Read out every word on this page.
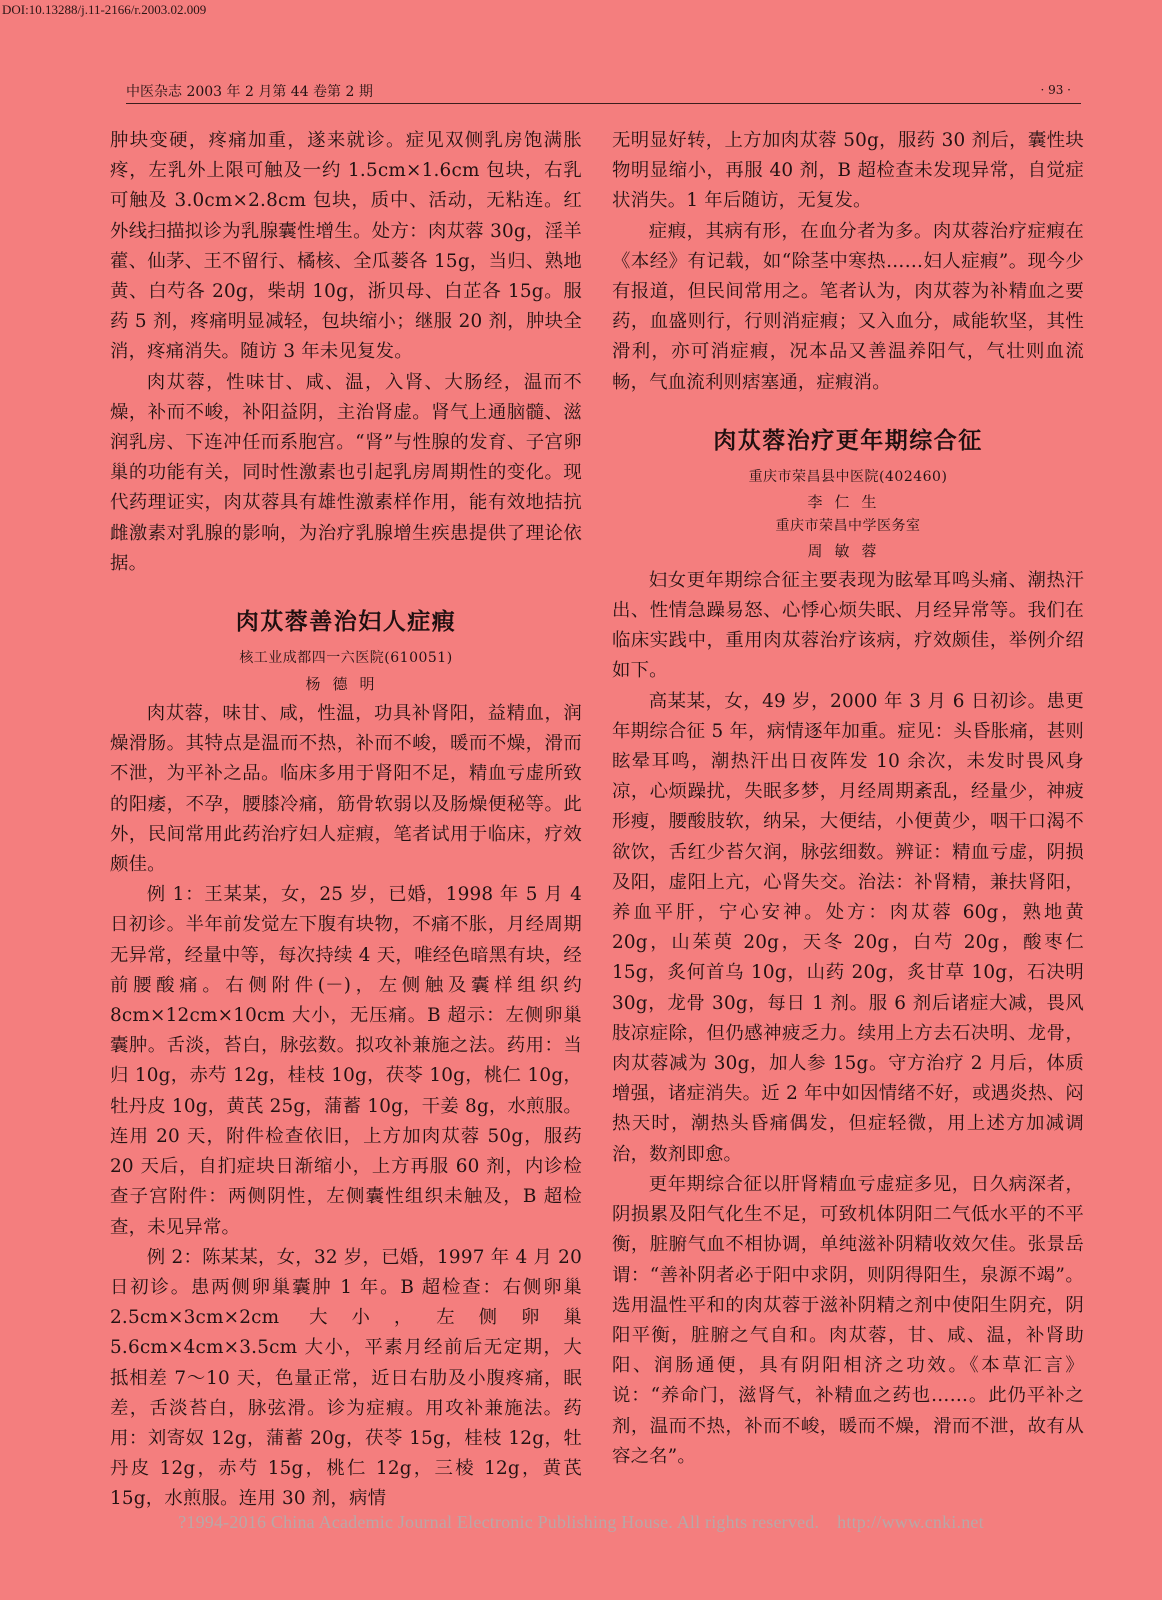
DOI:10.13288/j.11-2166/r.2003.02.009
中医杂志 2003 年 2 月第 44 卷第 2 期	· 93 ·

肿块变硬，疼痛加重，遂来就诊。症见双侧乳房饱满胀疼，左乳外上限可触及一约 1.5cm×1.6cm 包块，右乳可触及 3.0cm×2.8cm 包块，质中、活动，无粘连。红外线扫描拟诊为乳腺囊性增生。处方：肉苁蓉 30g，淫羊藿、仙茅、王不留行、橘核、全瓜蒌各 15g，当归、熟地黄、白芍各 20g，柴胡 10g，浙贝母、白芷各 15g。服药 5 剂，疼痛明显减轻，包块缩小；继服 20 剂，肿块全消，疼痛消失。随访 3 年未见复发。

肉苁蓉，性味甘、咸、温，入肾、大肠经，温而不燥，补而不峻，补阳益阴，主治肾虚。肾气上通脑髓、滋润乳房、下连冲任而系胞宫。“肾”与性腺的发育、子宫卵巢的功能有关，同时性激素也引起乳房周期性的变化。现代药理证实，肉苁蓉具有雄性激素样作用，能有效地拮抗雌激素对乳腺的影响，为治疗乳腺增生疾患提供了理论依据。

肉苁蓉善治妇人症瘕
核工业成都四一六医院(610051)
杨德明

肉苁蓉，味甘、咸，性温，功具补肾阳，益精血，润燥滑肠。其特点是温而不热，补而不峻，暖而不燥，滑而不泄，为平补之品。临床多用于肾阳不足，精血亏虚所致的阳痿，不孕，腰膝冷痛，筋骨软弱以及肠燥便秘等。此外，民间常用此药治疗妇人症瘕，笔者试用于临床，疗效颇佳。

例 1：王某某，女，25 岁，已婚，1998 年 5 月 4 日初诊。半年前发觉左下腹有块物，不痛不胀，月经周期无异常，经量中等，每次持续 4 天，唯经色暗黑有块，经前腰酸痛。右侧附件(－)，左侧触及囊样组织约 8cm×12cm×10cm 大小，无压痛。B 超示：左侧卵巢囊肿。舌淡，苔白，脉弦数。拟攻补兼施之法。药用：当归 10g，赤芍 12g，桂枝 10g，茯苓 10g，桃仁 10g，牡丹皮 10g，黄芪 25g，蒲蓄 10g，干姜 8g，水煎服。连用 20 天，附件检查依旧，上方加肉苁蓉 50g，服药 20 天后，自扪症块日渐缩小，上方再服 60 剂，内诊检查子宫附件：两侧阴性，左侧囊性组织未触及，B 超检查，未见异常。

例 2：陈某某，女，32 岁，已婚，1997 年 4 月 20 日初诊。患两侧卵巢囊肿 1 年。B 超检查：右侧卵巢 2.5cm×3cm×2cm 大小，左侧卵巢 5.6cm×4cm×3.5cm 大小，平素月经前后无定期，大抵相差 7～10 天，色量正常，近日右肋及小腹疼痛，眠差，舌淡苔白，脉弦滑。诊为症瘕。用攻补兼施法。药用：刘寄奴 12g，蒲蓄 20g，茯苓 15g，桂枝 12g，牡丹皮 12g，赤芍 15g，桃仁 12g，三棱 12g，黄芪 15g，水煎服。连用 30 剂，病情

无明显好转，上方加肉苁蓉 50g，服药 30 剂后，囊性块物明显缩小，再服 40 剂，B 超检查未发现异常，自觉症状消失。1 年后随访，无复发。

症瘕，其病有形，在血分者为多。肉苁蓉治疗症瘕在《本经》有记载，如“除茎中寒热……妇人症瘕”。现今少有报道，但民间常用之。笔者认为，肉苁蓉为补精血之要药，血盛则行，行则消症瘕；又入血分，咸能软坚，其性滑利，亦可消症瘕，况本品又善温养阳气，气壮则血流畅，气血流利则痞塞通，症瘕消。

肉苁蓉治疗更年期综合征
重庆市荣昌县中医院(402460)
李仁生
重庆市荣昌中学医务室
周敏蓉

妇女更年期综合征主要表现为眩晕耳鸣头痛、潮热汗出、性情急躁易怒、心悸心烦失眠、月经异常等。我们在临床实践中，重用肉苁蓉治疗该病，疗效颇佳，举例介绍如下。

高某某，女，49 岁，2000 年 3 月 6 日初诊。患更年期综合征 5 年，病情逐年加重。症见：头昏胀痛，甚则眩晕耳鸣，潮热汗出日夜阵发 10 余次，未发时畏风身凉，心烦躁扰，失眠多梦，月经周期紊乱，经量少，神疲形瘦，腰酸肢软，纳呆，大便结，小便黄少，咽干口渴不欲饮，舌红少苔欠润，脉弦细数。辨证：精血亏虚，阴损及阳，虚阳上亢，心肾失交。治法：补肾精，兼扶肾阳，养血平肝，宁心安神。处方：肉苁蓉 60g，熟地黄 20g，山茱萸 20g，天冬 20g，白芍 20g，酸枣仁 15g，炙何首乌 10g，山药 20g，炙甘草 10g，石决明 30g，龙骨 30g，每日 1 剂。服 6 剂后诸症大减，畏风肢凉症除，但仍感神疲乏力。续用上方去石决明、龙骨，肉苁蓉减为 30g，加人参 15g。守方治疗 2 月后，体质增强，诸症消失。近 2 年中如因情绪不好，或遇炎热、闷热天时，潮热头昏痛偶发，但症轻微，用上述方加减调治，数剂即愈。

更年期综合征以肝肾精血亏虚症多见，日久病深者，阴损累及阳气化生不足，可致机体阴阳二气低水平的不平衡，脏腑气血不相协调，单纯滋补阴精收效欠佳。张景岳谓：“善补阴者必于阳中求阴，则阴得阳生，泉源不竭”。选用温性平和的肉苁蓉于滋补阴精之剂中使阳生阴充，阴阳平衡，脏腑之气自和。肉苁蓉，甘、咸、温，补肾助阳、润肠通便，具有阴阳相济之功效。《本草汇言》说：“养命门，滋肾气，补精血之药也……。此仍平补之剂，温而不热，补而不峻，暖而不燥，滑而不泄，故有从容之名”。

?1994-2016 China Academic Journal Electronic Publishing House. All rights reserved. http://www.cnki.net
